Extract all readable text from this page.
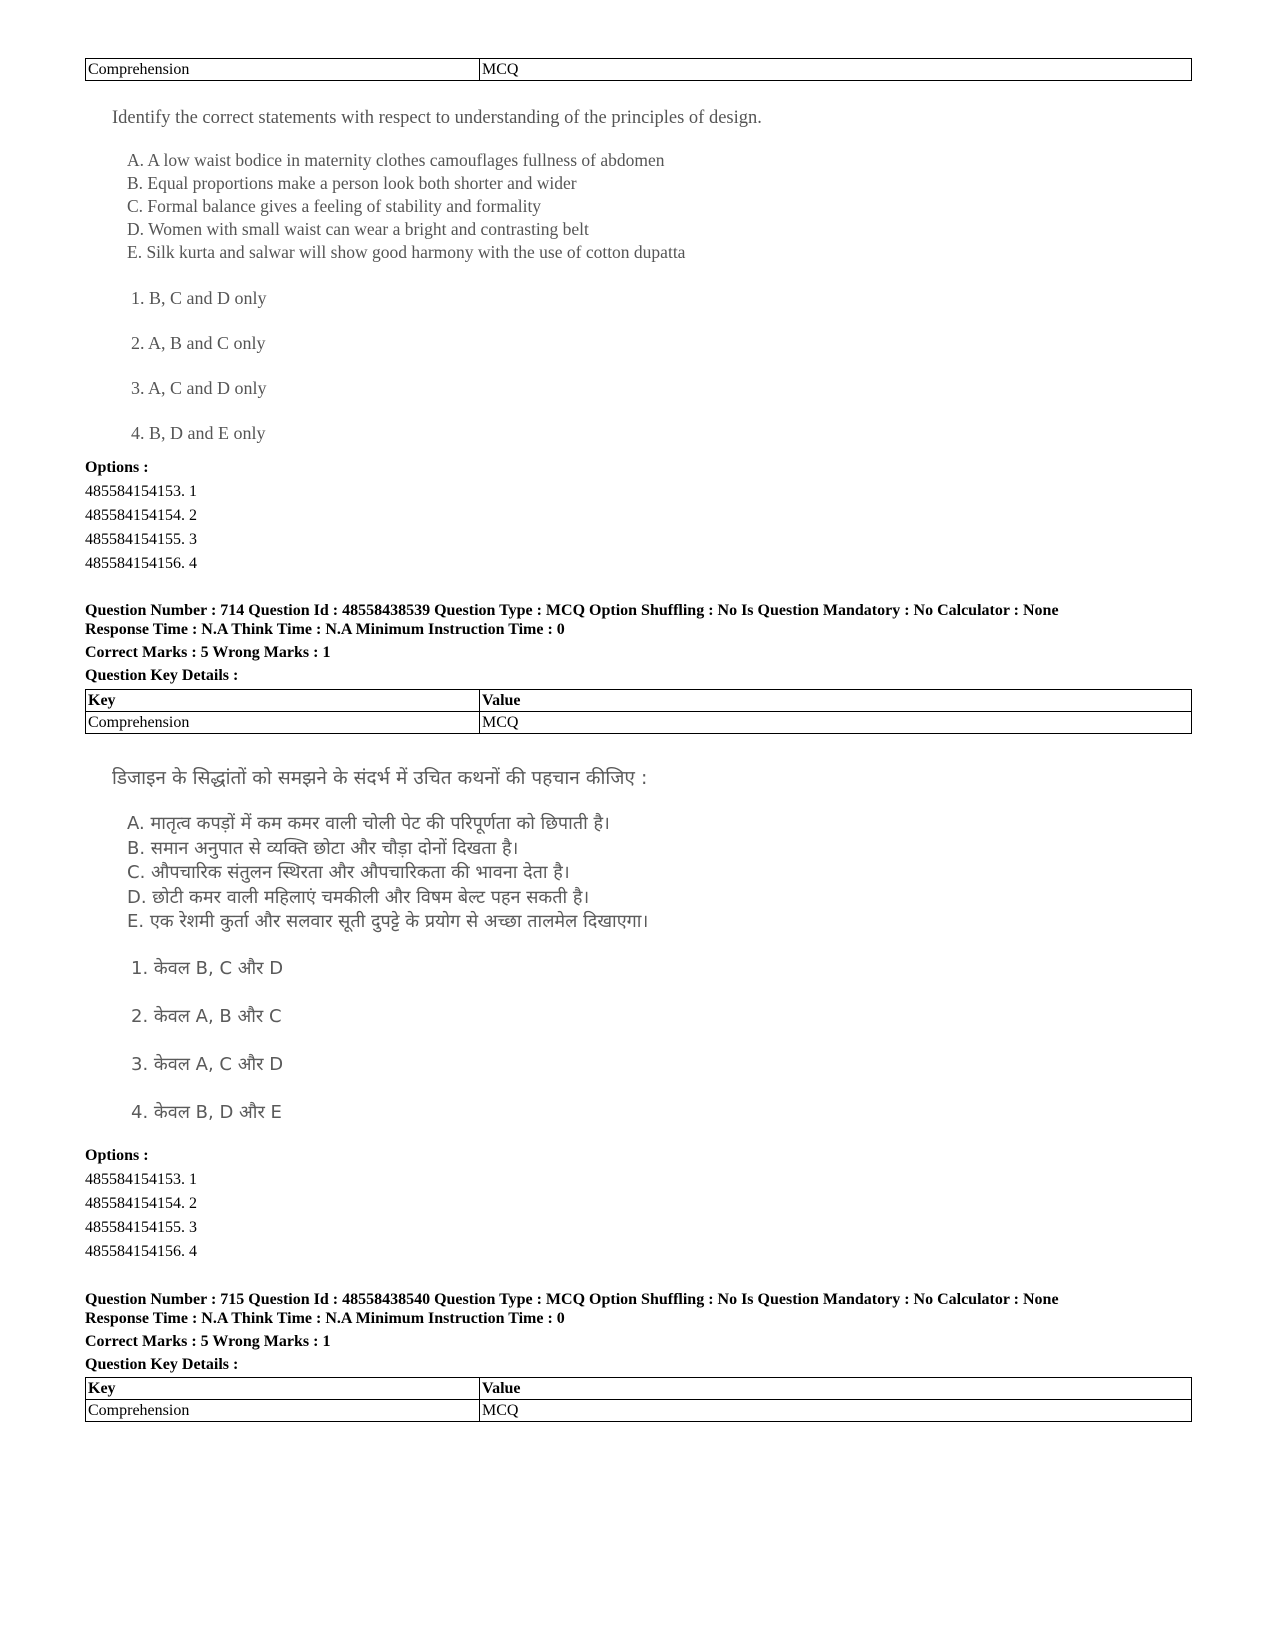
Comprehension	MCQ
Identify the correct statements with respect to understanding of the principles of design.
A. A low waist bodice in maternity clothes camouflages fullness of abdomen
B. Equal proportions make a person look both shorter and wider
C. Formal balance gives a feeling of stability and formality
D. Women with small waist can wear a bright and contrasting belt
E. Silk kurta and salwar will show good harmony with the use of cotton dupatta
1. B, C and D only
2. A, B and C only
3. A, C and D only
4. B, D and E only
Options :
485584154153. 1
485584154154. 2
485584154155. 3
485584154156. 4
Question Number : 714 Question Id : 48558438539 Question Type : MCQ Option Shuffling : No Is Question Mandatory : No Calculator : None
Response Time : N.A Think Time : N.A Minimum Instruction Time : 0
Correct Marks : 5 Wrong Marks : 1
Question Key Details :
Key	Value
Comprehension	MCQ
डिजाइन के सिद्धांतों को समझने के संदर्भ में उचित कथनों की पहचान कीजिए :
A. मातृत्व कपड़ों में कम कमर वाली चोली पेट की परिपूर्णता को छिपाती है।
B. समान अनुपात से व्यक्ति छोटा और चौड़ा दोनों दिखता है।
C. औपचारिक संतुलन स्थिरता और औपचारिकता की भावना देता है।
D. छोटी कमर वाली महिलाएं चमकीली और विषम बेल्ट पहन सकती है।
E. एक रेशमी कुर्ता और सलवार सूती दुपट्टे के प्रयोग से अच्छा तालमेल दिखाएगा।
1. केवल B, C और D
2. केवल A, B और C
3. केवल A, C और D
4. केवल B, D और E
Options :
485584154153. 1
485584154154. 2
485584154155. 3
485584154156. 4
Question Number : 715 Question Id : 48558438540 Question Type : MCQ Option Shuffling : No Is Question Mandatory : No Calculator : None
Response Time : N.A Think Time : N.A Minimum Instruction Time : 0
Correct Marks : 5 Wrong Marks : 1
Question Key Details :
Key	Value
Comprehension	MCQ
